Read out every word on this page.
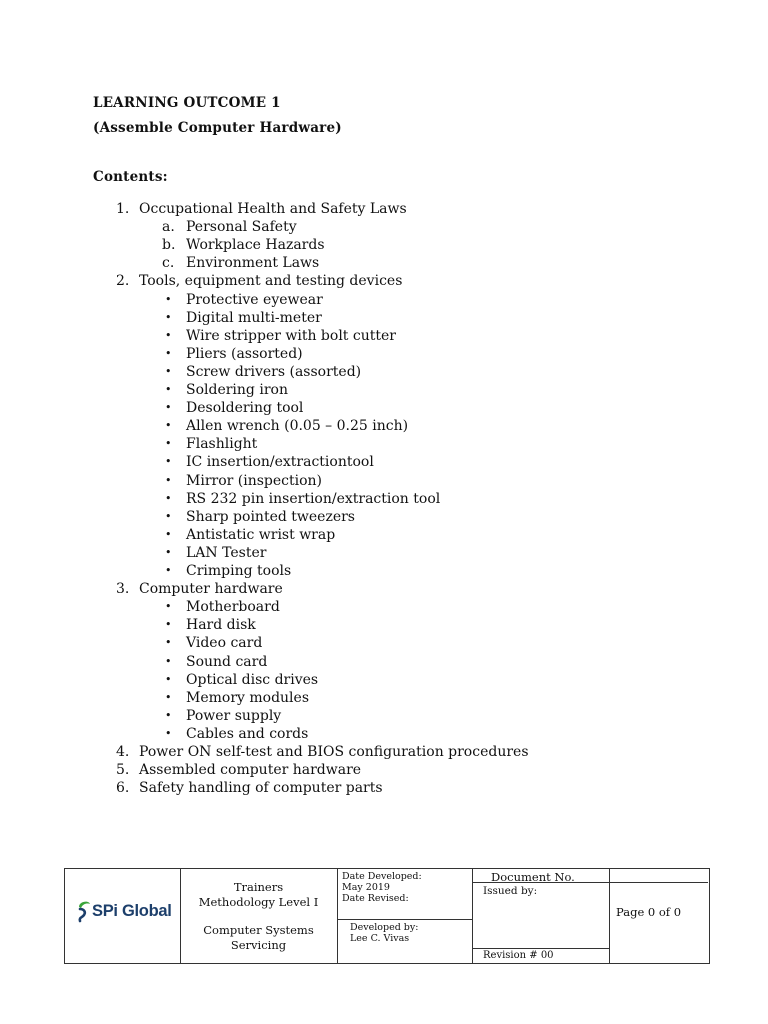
LEARNING OUTCOME 1
(Assemble Computer Hardware)
Contents:
1. Occupational Health and Safety Laws
a. Personal Safety
b. Workplace Hazards
c. Environment Laws
2. Tools, equipment and testing devices
• Protective eyewear
• Digital multi-meter
• Wire stripper with bolt cutter
• Pliers (assorted)
• Screw drivers (assorted)
• Soldering iron
• Desoldering tool
• Allen wrench (0.05 – 0.25 inch)
• Flashlight
• IC insertion/extractiontool
• Mirror (inspection)
• RS 232 pin insertion/extraction tool
• Sharp pointed tweezers
• Antistatic wrist wrap
• LAN Tester
• Crimping tools
3. Computer hardware
• Motherboard
• Hard disk
• Video card
• Sound card
• Optical disc drives
• Memory modules
• Power supply
• Cables and cords
4. Power ON self-test and BIOS configuration procedures
5. Assembled computer hardware
6. Safety handling of computer parts
SPi Global
Trainers
Methodology Level I
Computer Systems
Servicing
Date Developed:
May 2019
Date Revised:
Developed by:
Lee C. Vivas
Document No.
Issued by:
Revision # 00
Page 0 of 0
